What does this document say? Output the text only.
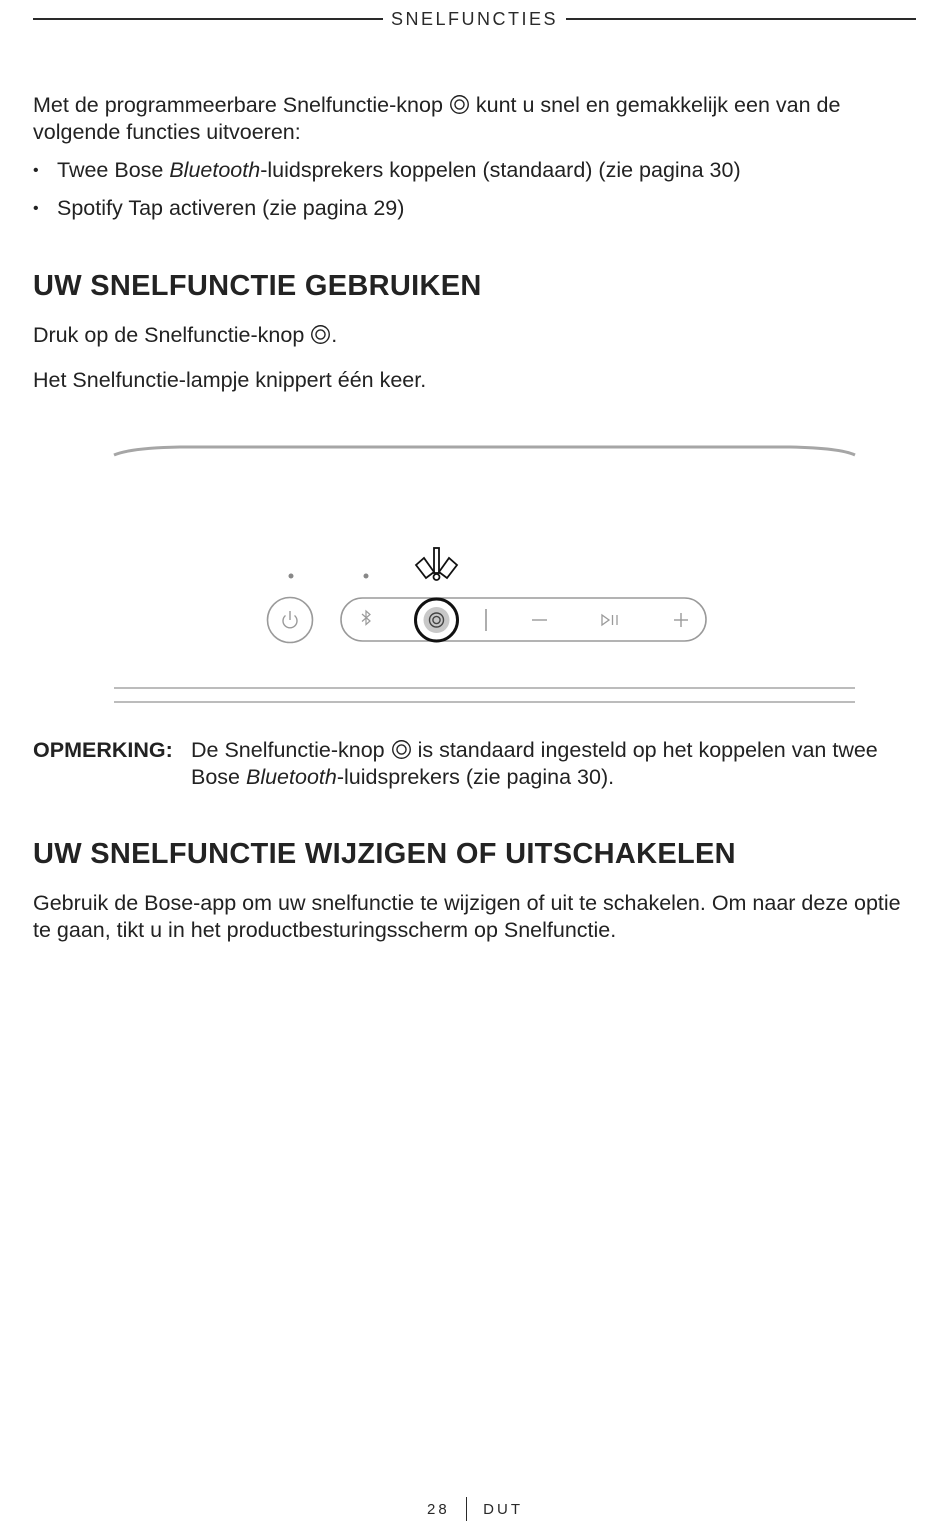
SNELFUNCTIES

Met de programmeerbare Snelfunctie-knop kunt u snel en gemakkelijk een van de volgende functies uitvoeren:

• Twee Bose Bluetooth-luidsprekers koppelen (standaard) (zie pagina 30)
• Spotify Tap activeren (zie pagina 29)
UW SNELFUNCTIE GEBRUIKEN

Druk op de Snelfunctie-knop .

Het Snelfunctie-lampje knippert één keer.

OPMERKING: De Snelfunctie-knop  is standaard ingesteld op het koppelen van twee Bose Bluetooth-luidsprekers (zie pagina 30).
UW SNELFUNCTIE WIJZIGEN OF UITSCHAKELEN

Gebruik de Bose-app om uw snelfunctie te wijzigen of uit te schakelen. Om naar deze optie te gaan, tikt u in het productbesturingsscherm op Snelfunctie.

28 DUT
